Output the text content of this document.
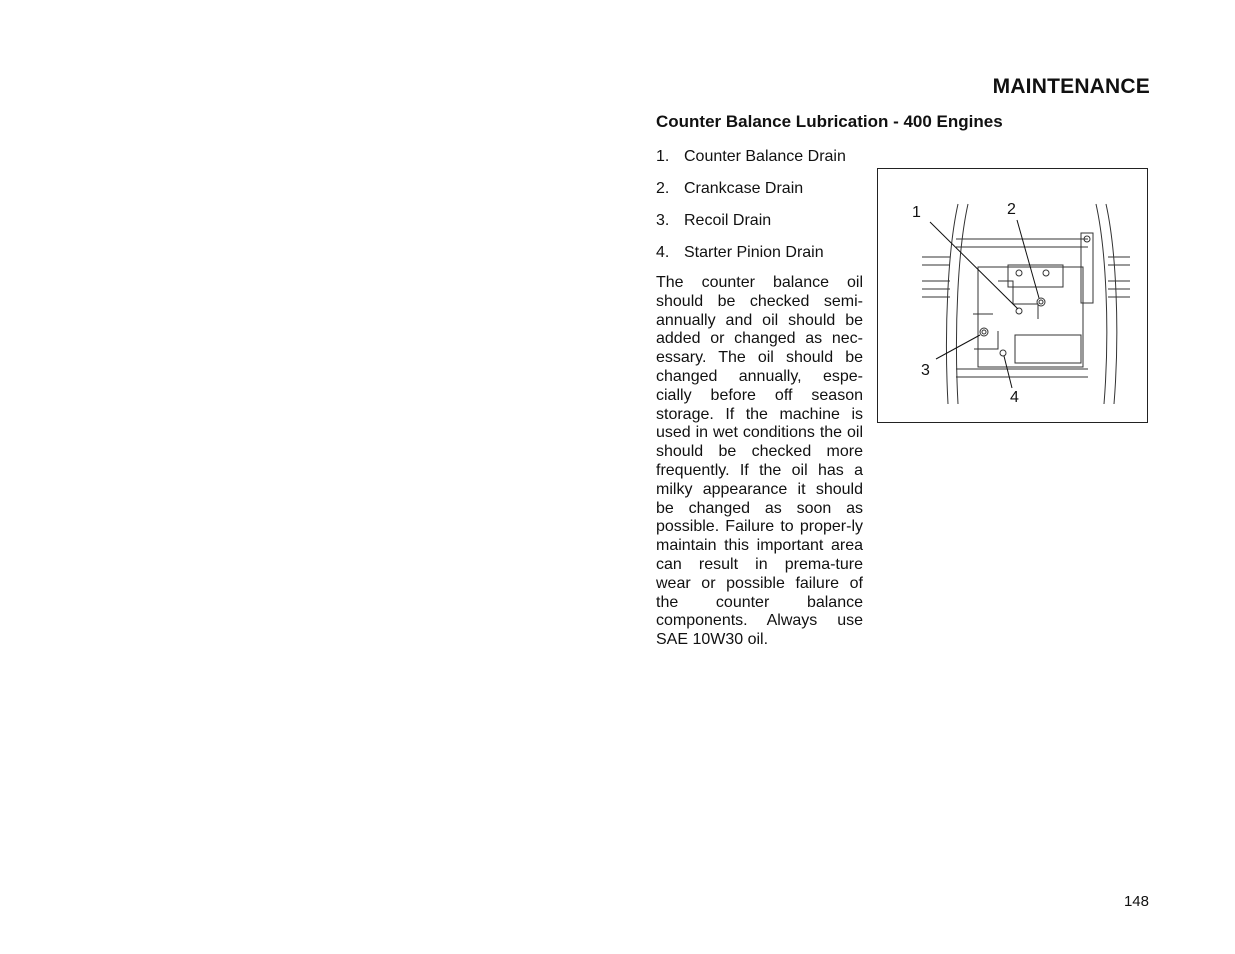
MAINTENANCE
Counter Balance Lubrication - 400 Engines
1. Counter Balance Drain
2. Crankcase Drain
3. Recoil Drain
4. Starter Pinion Drain

The counter balance oil should be checked semi-annually and oil should be added or changed as nec-essary. The oil should be changed annually, espe-cially before off season storage. If the machine is used in wet conditions the oil should be checked more frequently. If the oil has a milky appearance it should be changed as soon as possible. Failure to proper-ly maintain this important area can result in prema-ture wear or possible failure of the counter balance components. Always use SAE 10W30 oil.

1	2
3
4
148
